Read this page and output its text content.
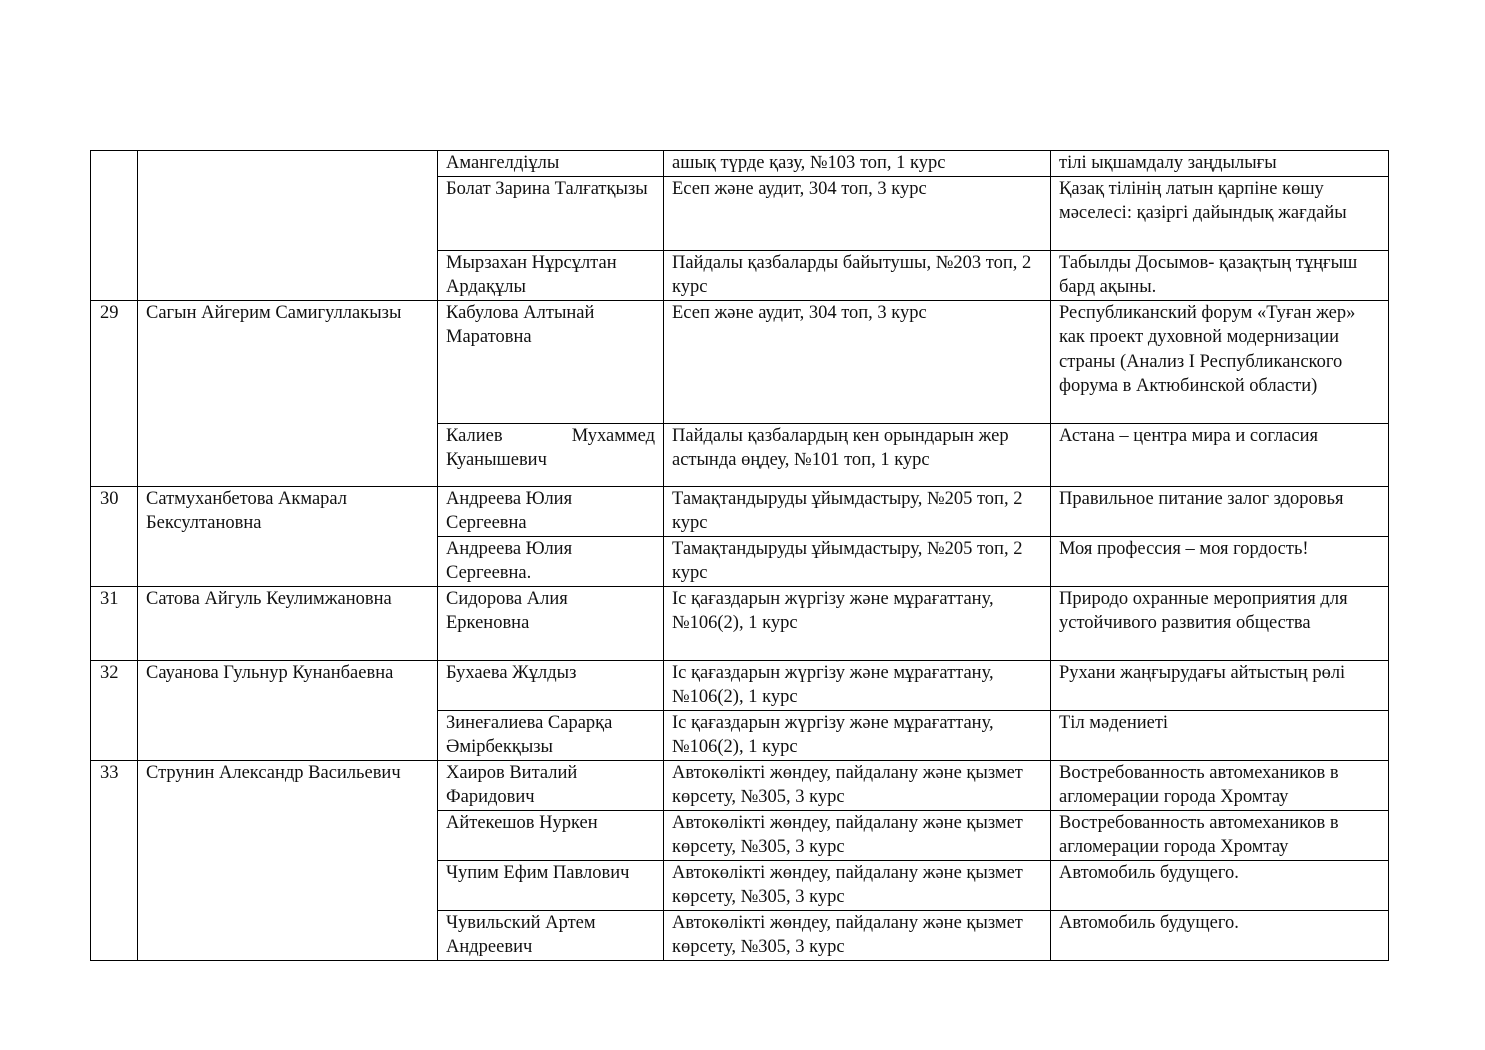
		Амангелдіұлы	ашық түрде қазу, №103 топ, 1 курс	тілі ықшамдалу заңдылығы
		Болат Зарина Талғатқызы	Есеп және аудит, 304 топ, 3 курс	Қазақ тілінің латын қарпіне көшу мәселесі: қазіргі дайындық жағдайы
		Мырзахан Нұрсұлтан Ардақұлы	Пайдалы қазбаларды байытушы, №203 топ, 2 курс	Табылды Досымов- қазақтың тұңғыш бард ақыны.
29	Сагын Айгерим Самигуллакызы	Кабулова Алтынай Маратовна	Есеп және аудит, 304 топ, 3 курс	Республиканский форум «Туған жер» как проект духовной модернизации страны (Анализ I Республиканского форума в Актюбинской области)
		Калиев Мухаммед Куанышевич	Пайдалы қазбалардың кен орындарын жер астында өңдеу, №101 топ, 1 курс	Астана – центра мира и согласия
30	Сатмуханбетова Акмарал Бексултановна	Андреева Юлия Сергеевна	Тамақтандыруды ұйымдастыру, №205 топ, 2 курс	Правильное питание залог здоровья
		Андреева Юлия Сергеевна.	Тамақтандыруды ұйымдастыру, №205 топ, 2 курс	Моя профессия – моя гордость!
31	Сатова Айгуль Кеулимжановна	Сидорова Алия Еркеновна	Іс қағаздарын жүргізу және мұрағаттану, №106(2), 1 курс	Природо охранные мероприятия для устойчивого развития общества
32	Сауанова Гульнур Кунанбаевна	Бухаева Жұлдыз	Іс қағаздарын жүргізу және мұрағаттану, №106(2), 1 курс	Рухани жаңғырудағы айтыстың рөлі
		Зинеғалиева Сарарқа Әмірбекқызы	Іс қағаздарын жүргізу және мұрағаттану, №106(2), 1 курс	Тіл мәдениеті
33	Струнин Александр Васильевич	Хаиров Виталий Фаридович	Автокөлікті жөндеу, пайдалану және қызмет көрсету, №305, 3 курс	Востребованность автомехаников в агломерации города Хромтау
		Айтекешов Нуркен	Автокөлікті жөндеу, пайдалану және қызмет көрсету, №305, 3 курс	Востребованность автомехаников в агломерации города Хромтау
		Чупим Ефим Павлович	Автокөлікті жөндеу, пайдалану және қызмет көрсету, №305, 3 курс	Автомобиль будущего.
		Чувильский Артем Андреевич	Автокөлікті жөндеу, пайдалану және қызмет көрсету, №305, 3 курс	Автомобиль будущего.
